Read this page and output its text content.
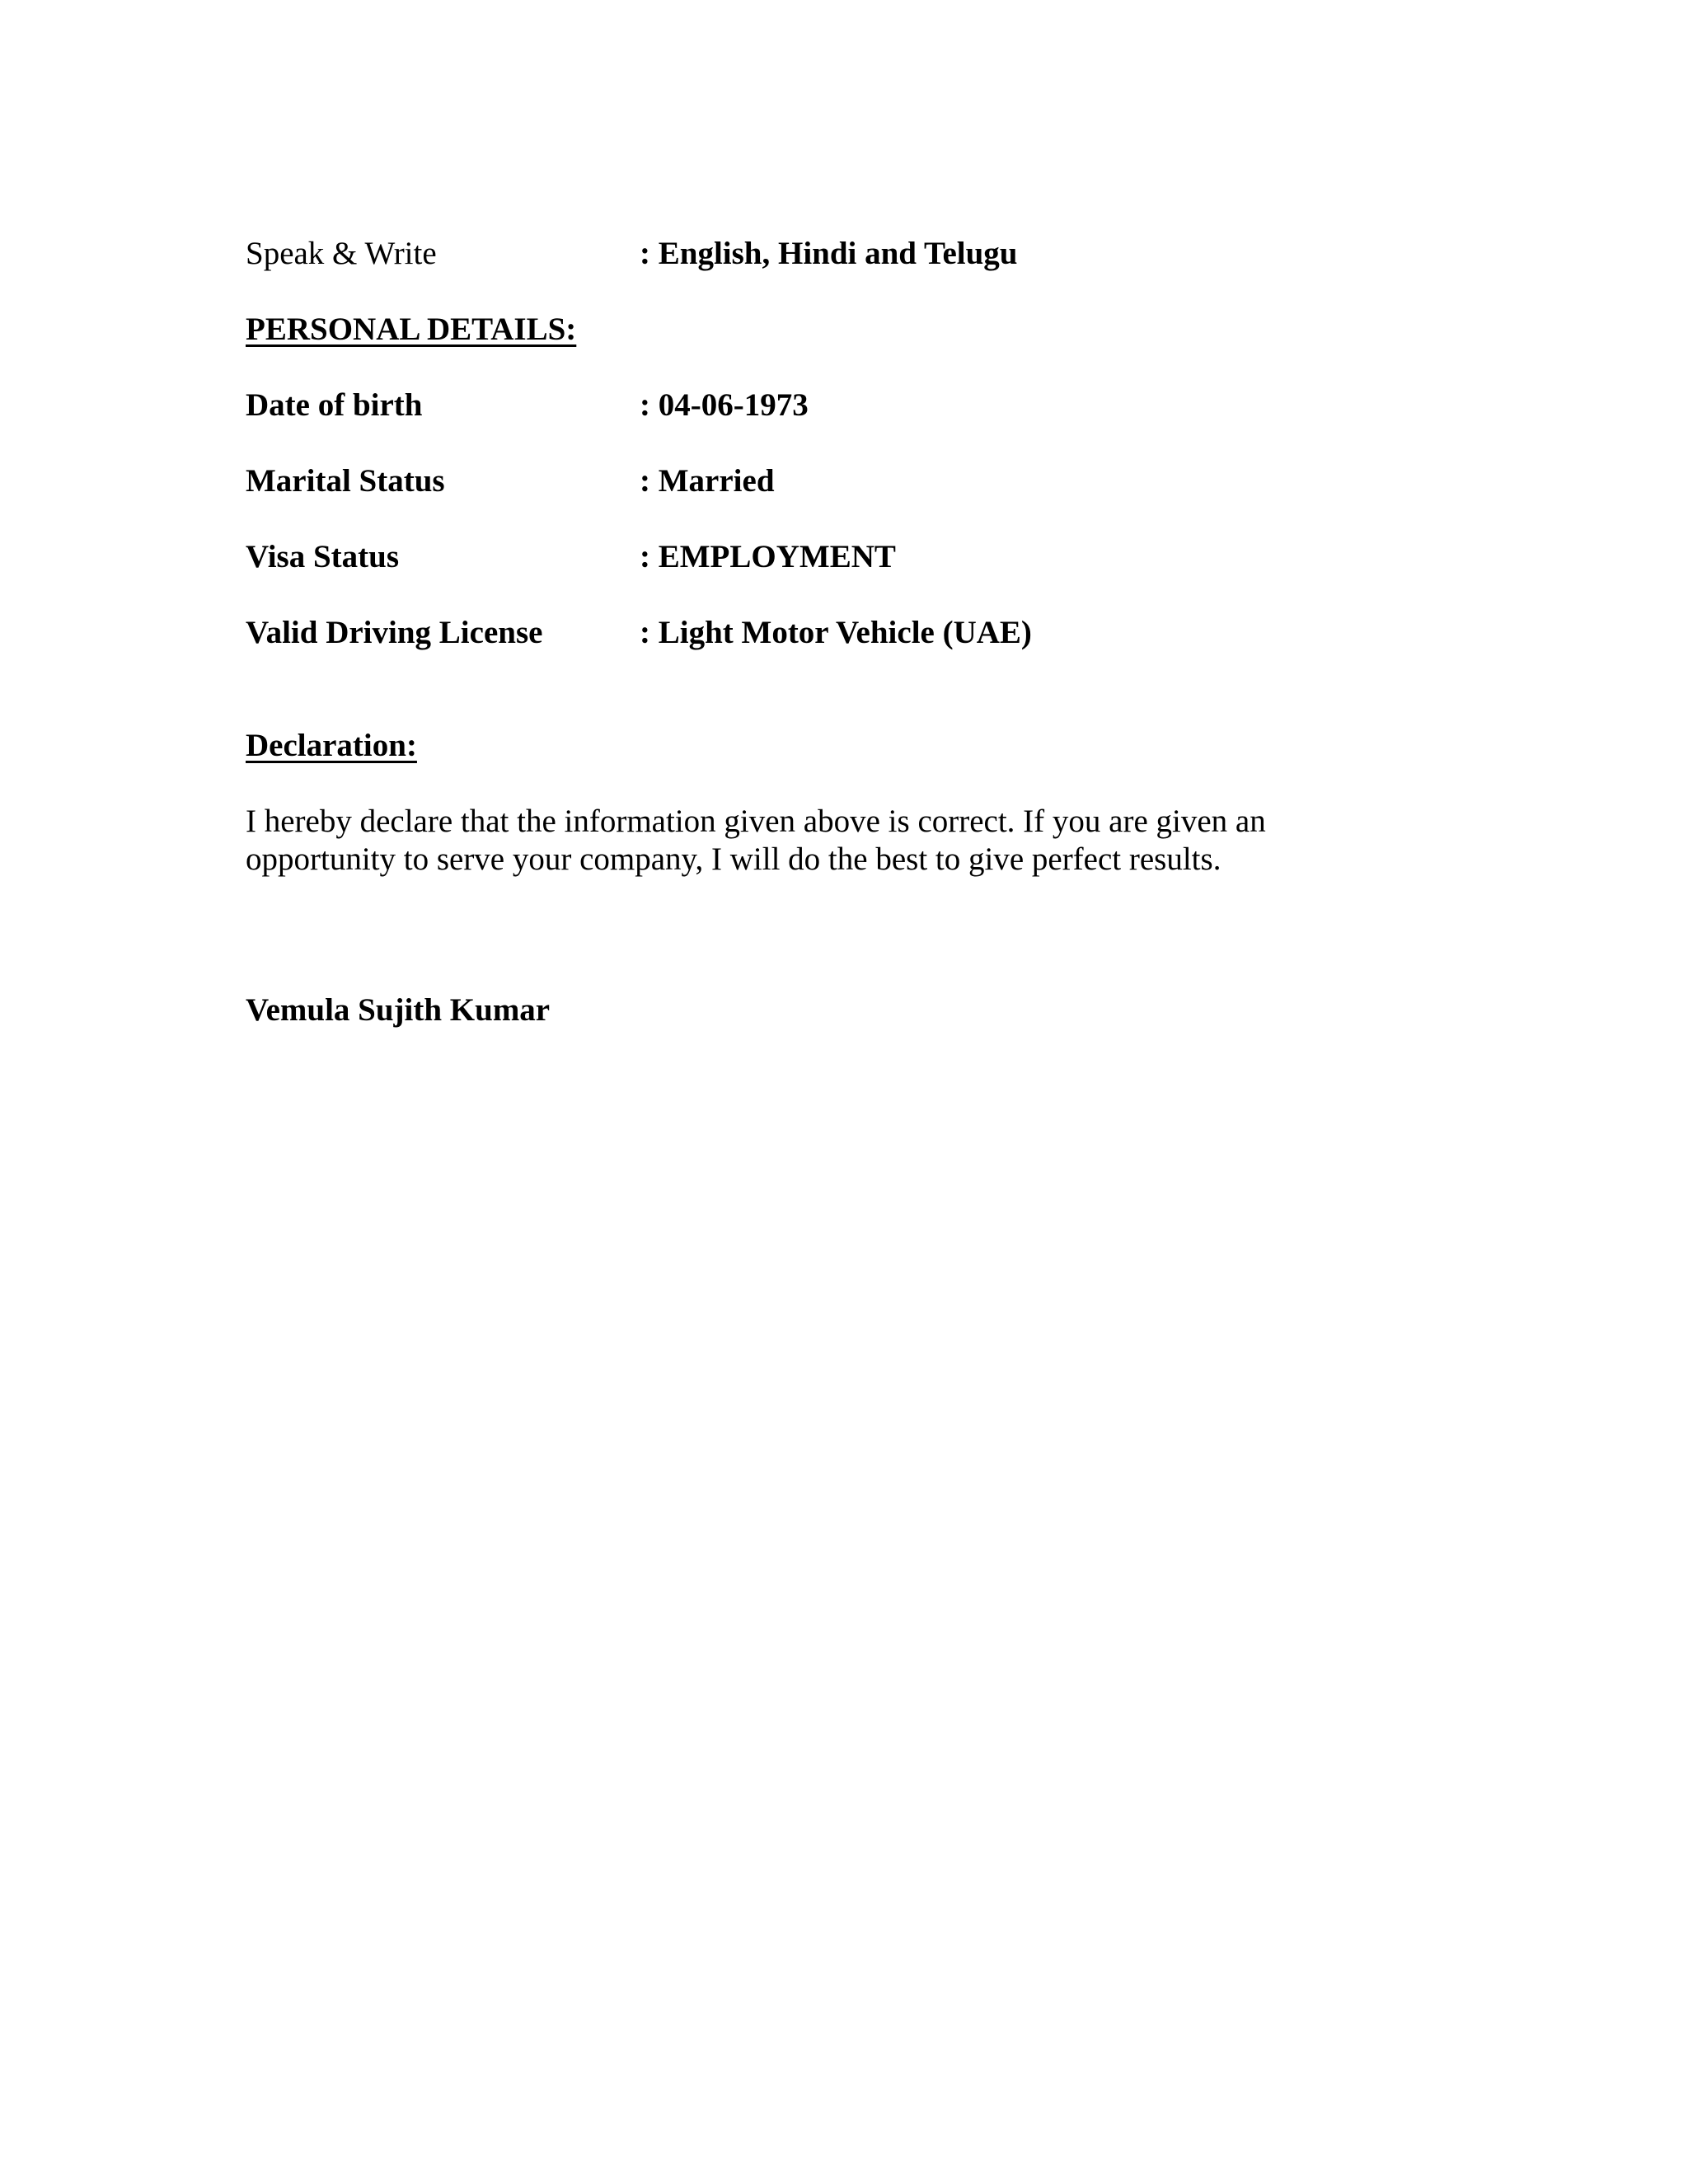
Speak & Write	: English, Hindi and Telugu
PERSONAL DETAILS:
Date of birth	: 04-06-1973
Marital Status	: Married
Visa Status	: EMPLOYMENT
Valid Driving License	: Light Motor Vehicle (UAE)
Declaration:

I hereby declare that the information given above is correct. If you are given an

opportunity to serve your company, I will do the best to give perfect results.

Vemula Sujith Kumar
